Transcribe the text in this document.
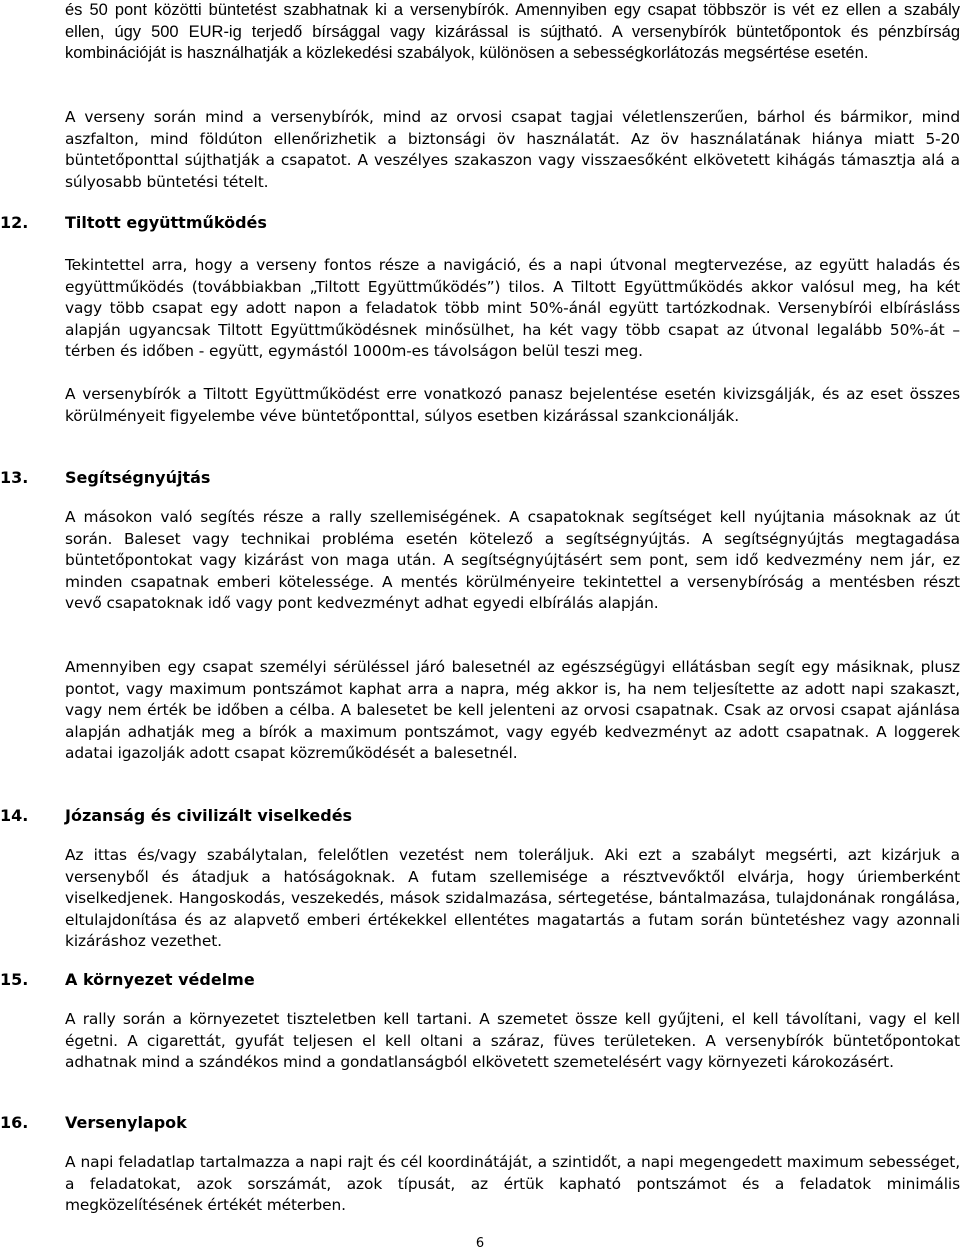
és 50 pont közötti büntetést szabhatnak ki a versenybírók. Amennyiben egy csapat többször is vét ez ellen a szabály ellen, úgy 500 EUR-ig terjedő bírsággal vagy kizárással is sújtható. A versenybírók büntetőpontok és pénzbírság kombinációját is használhatják a közlekedési szabályok, különösen a sebességkorlátozás megsértése esetén.
A verseny során mind a versenybírók, mind az orvosi csapat tagjai véletlenszerűen, bárhol és bármikor, mind aszfalton, mind földúton ellenőrizhetik a biztonsági öv használatát. Az öv használatának hiánya miatt 5-20 büntetőponttal sújthatják a csapatot. A veszélyes szakaszon vagy visszaesőként elkövetett kihágás támasztja alá a súlyosabb büntetési tételt.
12. Tiltott együttműködés
Tekintettel arra, hogy a verseny fontos része a navigáció, és a napi útvonal megtervezése, az együtt haladás és együttműködés (továbbiakban „Tiltott Együttműködés”) tilos. A Tiltott Együttműködés akkor valósul meg, ha két vagy több csapat egy adott napon a feladatok több mint 50%-ánál együtt tartózkodnak. Versenybírói elbírásláss alapján ugyancsak Tiltott Együttműködésnek minősülhet, ha két vagy több csapat az útvonal legalább 50%-át – térben és időben - együtt, egymástól 1000m-es távolságon belül teszi meg.
A versenybírók a Tiltott Együttműködést erre vonatkozó panasz bejelentése esetén kivizsgálják, és az eset összes körülményeit figyelembe véve büntetőponttal, súlyos esetben kizárással szankcionálják.
13. Segítségnyújtás
A másokon való segítés része a rally szellemiségének. A csapatoknak segítséget kell nyújtania másoknak az út során. Baleset vagy technikai probléma esetén kötelező a segítségnyújtás. A segítségnyújtás megtagadása büntetőpontokat vagy kizárást von maga után. A segítségnyújtásért sem pont, sem idő kedvezmény nem jár, ez minden csapatnak emberi kötelessége. A mentés körülményeire tekintettel a versenybíróság a mentésben részt vevő csapatoknak idő vagy pont kedvezményt adhat egyedi elbírálás alapján.
Amennyiben egy csapat személyi sérüléssel járó balesetnél az egészségügyi ellátásban segít egy másiknak, plusz pontot, vagy maximum pontszámot kaphat arra a napra, még akkor is, ha nem teljesítette az adott napi szakaszt, vagy nem érték be időben a célba. A balesetet be kell jelenteni az orvosi csapatnak. Csak az orvosi csapat ajánlása alapján adhatják meg a bírók a maximum pontszámot, vagy egyéb kedvezményt az adott csapatnak. A loggerek adatai igazolják adott csapat közreműködését a balesetnél.
14. Józanság és civilizált viselkedés
Az ittas és/vagy szabálytalan, felelőtlen vezetést nem toleráljuk. Aki ezt a szabályt megsérti, azt kizárjuk a versenyből és átadjuk a hatóságoknak. A futam szellemisége a résztvevőktől elvárja, hogy úriemberként viselkedjenek. Hangoskodás, veszekedés, mások szidalmazása, sértegetése, bántalmazása, tulajdonának rongálása, eltulajdonítása és az alapvető emberi értékekkel ellentétes magatartás a futam során büntetéshez vagy azonnali kizáráshoz vezethet.
15. A környezet védelme
A rally során a környezetet tiszteletben kell tartani. A szemetet össze kell gyűjteni, el kell távolítani, vagy el kell égetni. A cigarettát, gyufát teljesen el kell oltani a száraz, füves területeken. A versenybírók büntetőpontokat adhatnak mind a szándékos mind a gondatlanságból elkövetett szemetelésért vagy környezeti károkozásért.
16. Versenylapok
A napi feladatlap tartalmazza a napi rajt és cél koordinátáját, a szintidőt, a napi megengedett maximum sebességet, a feladatokat, azok sorszámát, azok típusát, az értük kapható pontszámot és a feladatok minimális megközelítésének értékét méterben.
6
